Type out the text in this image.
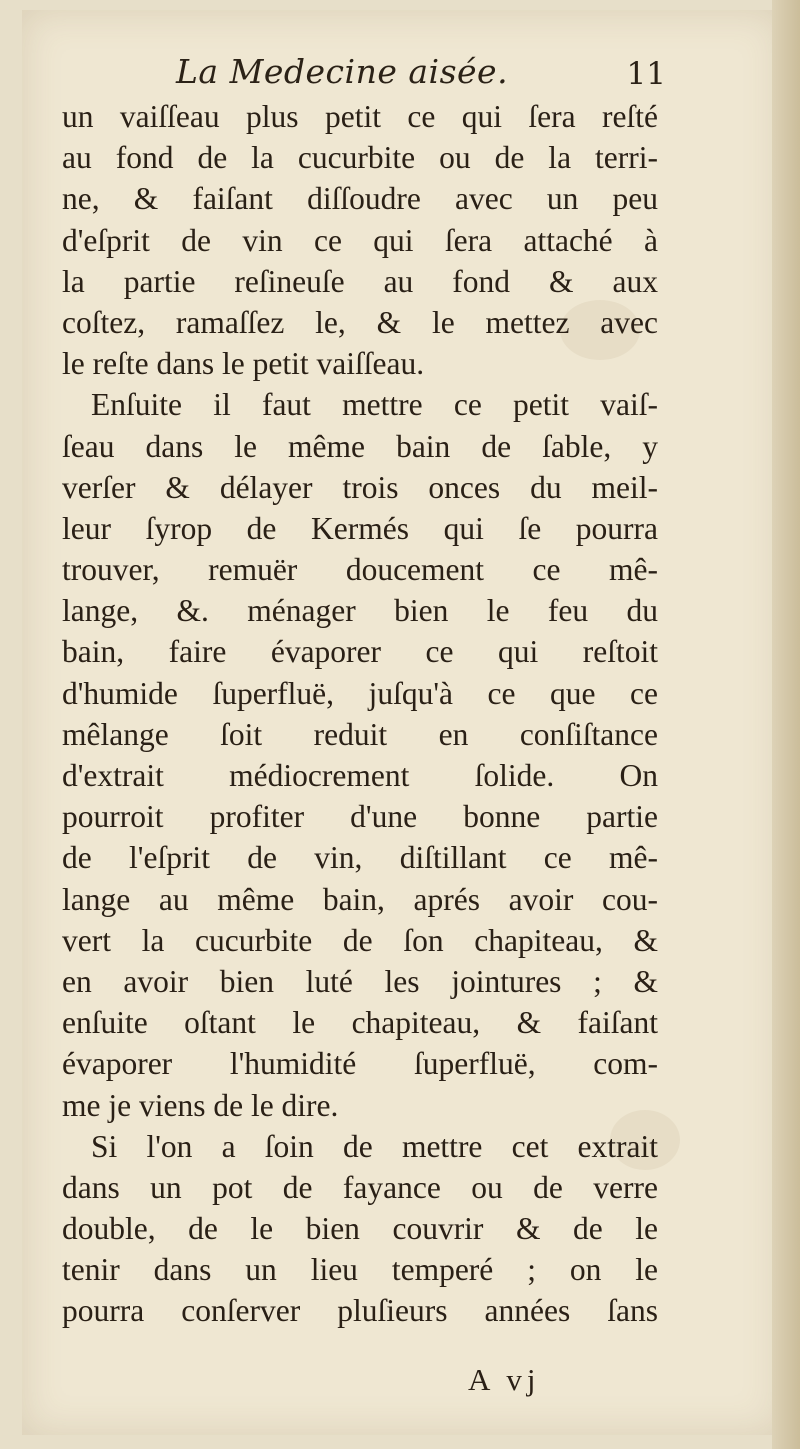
La Medecine aisée.	11
un vaiſſeau plus petit ce qui ſera reſté
au fond de la cucurbite ou de la terri-
ne, & faiſant diſſoudre avec un peu
d'eſprit de vin ce qui ſera attaché à
la partie reſineuſe au fond & aux
coſtez, ramaſſez le, & le mettez avec
le reſte dans le petit vaiſſeau.
Enſuite il faut mettre ce petit vaiſ-
ſeau dans le même bain de ſable, y
verſer & délayer trois onces du meil-
leur ſyrop de Kermés qui ſe pourra
trouver, remuër doucement ce mê-
lange, &. ménager bien le feu du
bain, faire évaporer ce qui reſtoit
d'humide ſuperfluë, juſqu'à ce que ce
mêlange ſoit reduit en conſiſtance
d'extrait médiocrement ſolide. On
pourroit profiter d'une bonne partie
de l'eſprit de vin, diſtillant ce mê-
lange au même bain, aprés avoir cou-
vert la cucurbite de ſon chapiteau, &
en avoir bien luté les jointures ; &
enſuite oſtant le chapiteau, & faiſant
évaporer l'humidité ſuperfluë, com-
me je viens de le dire.
Si l'on a ſoin de mettre cet extrait
dans un pot de fayance ou de verre
double, de le bien couvrir & de le
tenir dans un lieu temperé ; on le
pourra conſerver pluſieurs années ſans
A vj
